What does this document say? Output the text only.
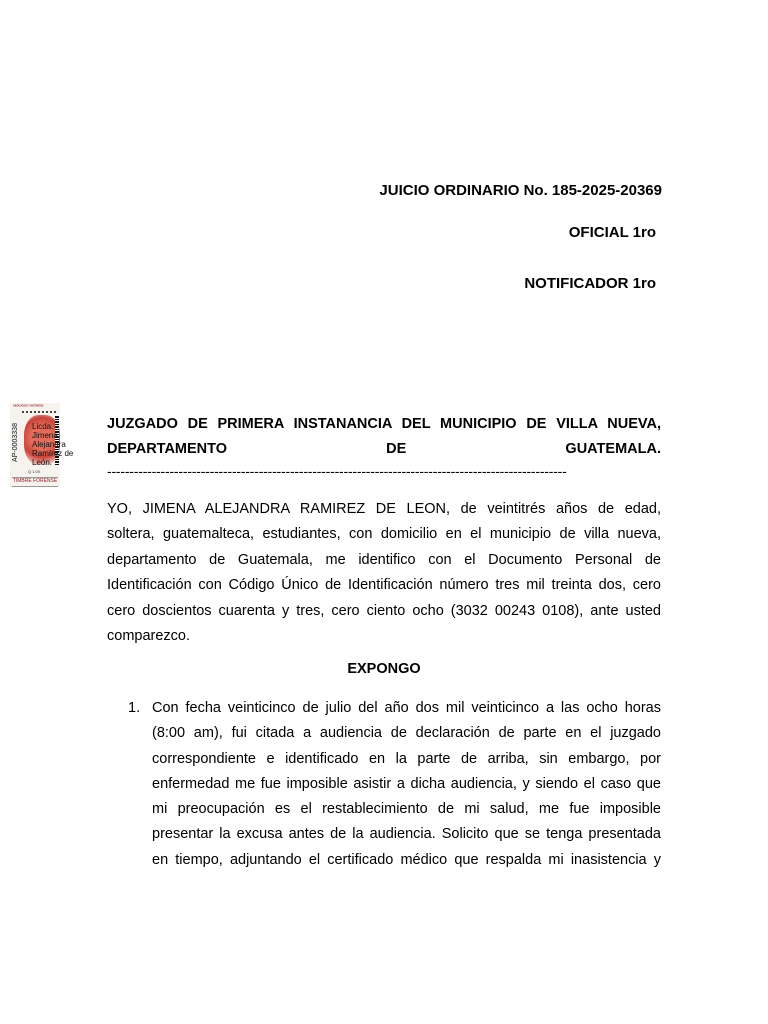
JUICIO ORDINARIO No. 185-2025-20369
OFICIAL 1ro
NOTIFICADOR 1ro
ABOGADOS Y NOTARIOS
AP-0003338 Licda.
Jimena
Alejandra
Ramírez de
León.
Q 1.00
TIMBRE FORENSE
JUZGADO DE PRIMERA INSTANANCIA DEL MUNICIPIO DE VILLA NUEVA,
DEPARTAMENTO DE GUATEMALA.
-------------------------------------------------------------------------------------------------------
YO, JIMENA ALEJANDRA RAMIREZ DE LEON, de veintitrés años de edad,
soltera, guatemalteca, estudiantes, con domicilio en el municipio de villa nueva,
departamento de Guatemala, me identifico con el Documento Personal de
Identificación con Código Único de Identificación número tres mil treinta dos, cero
cero doscientos cuarenta y tres, cero ciento ocho (3032 00243 0108), ante usted
comparezco.
EXPONGO
1. Con fecha veinticinco de julio del año dos mil veinticinco a las ocho horas
(8:00 am), fui citada a audiencia de declaración de parte en el juzgado
correspondiente e identificado en la parte de arriba, sin embargo, por
enfermedad me fue imposible asistir a dicha audiencia, y siendo el caso que
mi preocupación es el restablecimiento de mi salud, me fue imposible
presentar la excusa antes de la audiencia. Solicito que se tenga presentada
en tiempo, adjuntando el certificado médico que respalda mi inasistencia y
